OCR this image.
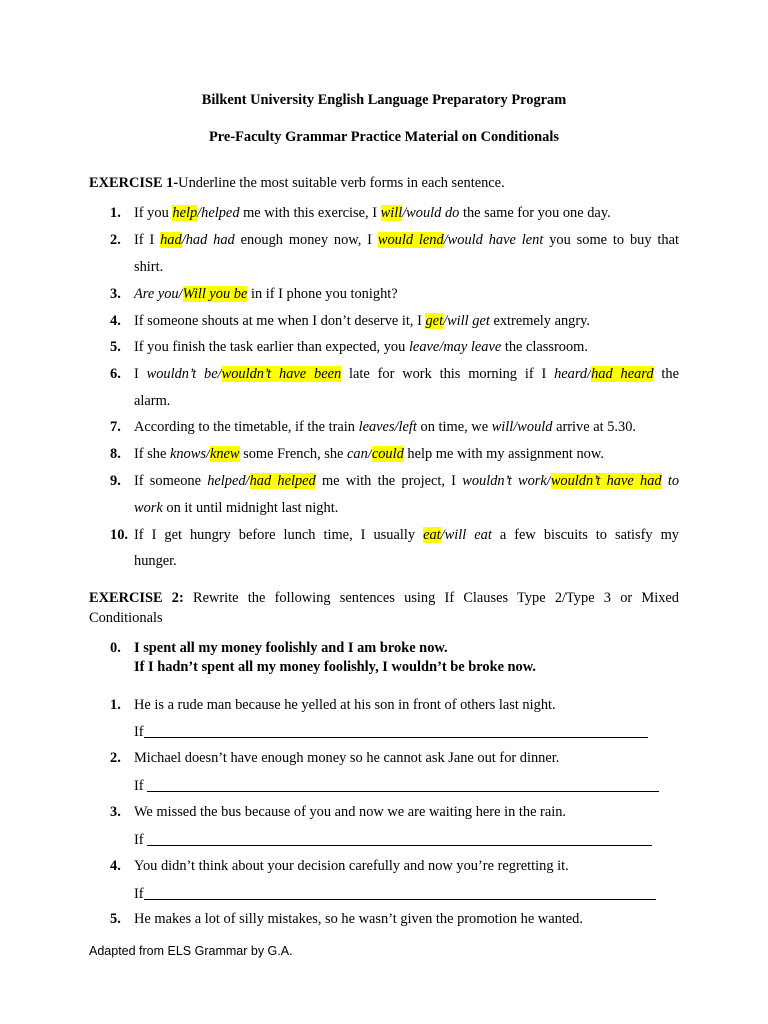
Bilkent University English Language Preparatory Program
Pre-Faculty Grammar Practice Material on Conditionals
EXERCISE 1-Underline the most suitable verb forms in each sentence.
1. If you help/helped me with this exercise, I will/would do the same for you one day.
2. If I had/had had enough money now, I would lend/would have lent you some to buy that
shirt.
3. Are you/Will you be in if I phone you tonight?
4. If someone shouts at me when I don’t deserve it, I get/will get extremely angry.
5. If you finish the task earlier than expected, you leave/may leave the classroom.
6. I wouldn’t be/wouldn’t have been late for work this morning if I heard/had heard the
alarm.
7. According to the timetable, if the train leaves/left on time, we will/would arrive at 5.30.
8. If she knows/knew some French, she can/could help me with my assignment now.
9. If someone helped/had helped me with the project, I wouldn’t work/wouldn’t have had to
work on it until midnight last night.
10. If I get hungry before lunch time, I usually eat/will eat a few biscuits to satisfy my
hunger.
EXERCISE 2: Rewrite the following sentences using If Clauses Type 2/Type 3 or Mixed
Conditionals
0. I spent all my money foolishly and I am broke now.
If I hadn’t spent all my money foolishly, I wouldn’t be broke now.
1. He is a rude man because he yelled at his son in front of others last night.
If
2. Michael doesn’t have enough money so he cannot ask Jane out for dinner.
If
3. We missed the bus because of you and now we are waiting here in the rain.
If
4. You didn’t think about your decision carefully and now you’re regretting it.
If
5. He makes a lot of silly mistakes, so he wasn’t given the promotion he wanted.
Adapted from ELS Grammar by G.A.
